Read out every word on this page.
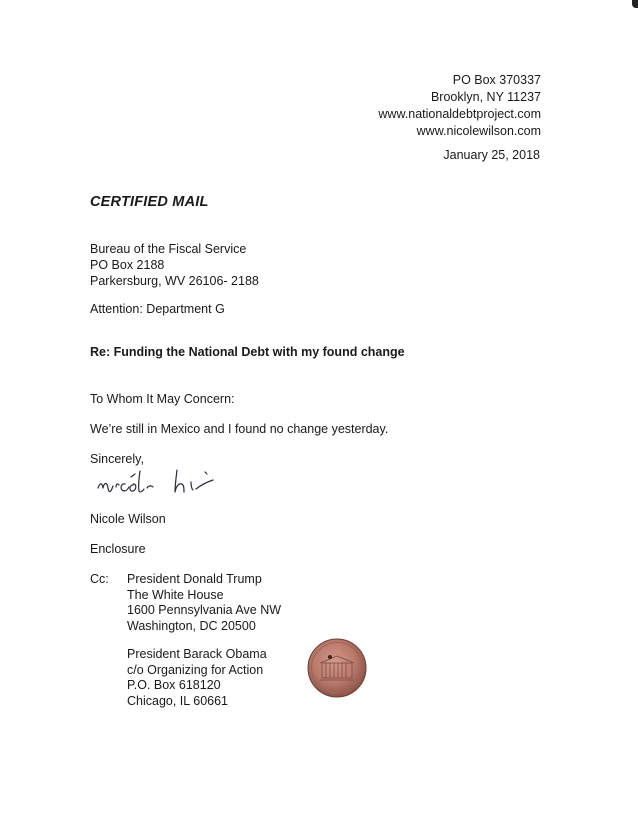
PO Box 370337
Brooklyn, NY 11237
www.nationaldebtproject.com
www.nicolewilson.com
January 25, 2018
CERTIFIED MAIL
Bureau of the Fiscal Service
PO Box 2188
Parkersburg, WV 26106- 2188
Attention: Department G
Re: Funding the National Debt with my found change
To Whom It May Concern:
We’re still in Mexico and I found no change yesterday.
Sincerely,
Nicole Wilson
Enclosure
Cc: President Donald Trump
The White House
1600 Pennsylvania Ave NW
Washington, DC 20500
President Barack Obama
c/o Organizing for Action
P.O. Box 618120
Chicago, IL 60661
